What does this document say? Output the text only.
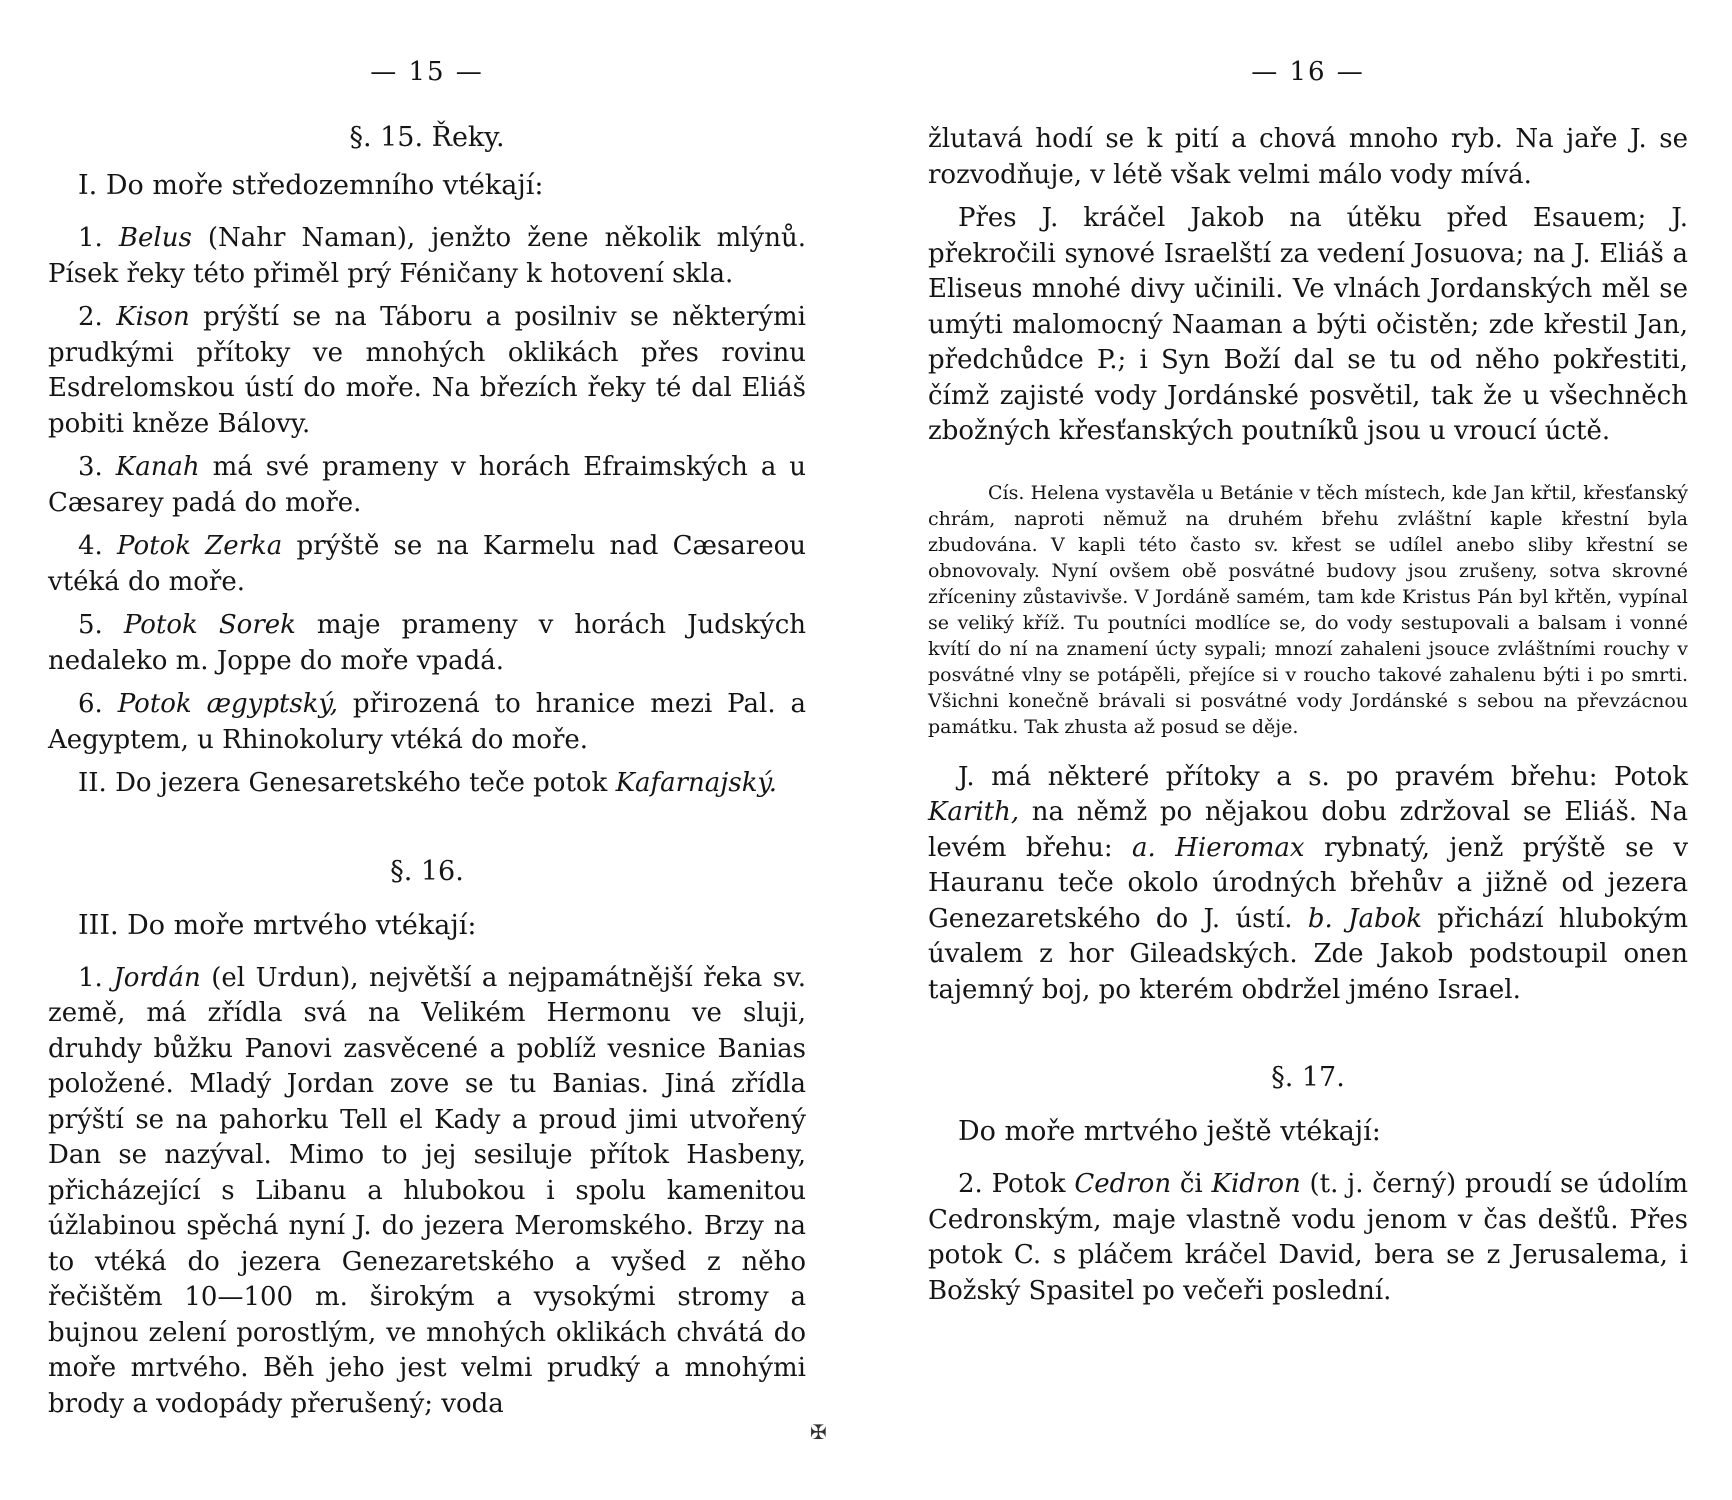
— 15 —
§. 15. Řeky.
I. Do moře středozemního vtékají:

1. Belus (Nahr Naman), jenžto žene několik mlýnů. Písek řeky této přiměl prý Féničany k hotovení skla.

2. Kison prýští se na Táboru a posilniv se některými prudkými přítoky ve mnohých oklikách přes rovinu Esdrelomskou ústí do moře. Na březích řeky té dal Eliáš pobiti kněze Bálovy.

3. Kanah má své prameny v horách Efraimských a u Cæsarey padá do moře.

4. Potok Zerka prýště se na Karmelu nad Cæsareou vtéká do moře.

5. Potok Sorek maje prameny v horách Judských nedaleko m. Joppe do moře vpadá.

6. Potok ægyptský, přirozená to hranice mezi Pal. a Aegyptem, u Rhinokolury vtéká do moře.

II. Do jezera Genesaretského teče potok Kafarnajský.

§. 16.
III. Do moře mrtvého vtékají:

1. Jordán (el Urdun), největší a nejpamátnější řeka sv. země, má zřídla svá na Velikém Hermonu ve sluji, druhdy bůžku Panovi zasvěcené a poblíž vesnice Banias položené. Mladý Jordan zove se tu Banias. Jiná zřídla prýští se na pahorku Tell el Kady a proud jimi utvořený Dan se nazýval. Mimo to jej sesiluje přítok Hasbeny, přicházející s Libanu a hlubokou i spolu kamenitou úžlabinou spěchá nyní J. do jezera Meromského. Brzy na to vtéká do jezera Genezaretského a vyšed z něho řečištěm 10—100 m. širokým a vysokými stromy a bujnou zelení porostlým, ve mnohých oklikách chvátá do moře mrtvého. Běh jeho jest velmi prudký a mnohými brody a vodopády přerušený; voda

✠
— 16 —

žlutavá hodí se k pití a chová mnoho ryb. Na jaře J. se rozvodňuje, v létě však velmi málo vody mívá.

Přes J. kráčel Jakob na útěku před Esauem; J. překročili synové Israelští za vedení Josuova; na J. Eliáš a Eliseus mnohé divy učinili. Ve vlnách Jordanských měl se umýti malomocný Naaman a býti očistěn; zde křestil Jan, předchůdce P.; i Syn Boží dal se tu od něho pokřestiti, čímž zajisté vody Jordánské posvětil, tak že u všechněch zbožných křesťanských poutníků jsou u vroucí úctě.

Cís. Helena vystavěla u Betánie v těch místech, kde Jan křtil, křesťanský chrám, naproti němuž na druhém břehu zvláštní kaple křestní byla zbudována. V kapli této často sv. křest se udílel anebo sliby křestní se obnovovaly. Nyní ovšem obě posvátné budovy jsou zrušeny, sotva skrovné zříceniny zůstavivše. V Jordáně samém, tam kde Kristus Pán byl křtěn, vypínal se veliký kříž. Tu poutníci modlíce se, do vody sestupovali a balsam i vonné kvítí do ní na znamení úcty sypali; mnozí zahaleni jsouce zvláštními rouchy v posvátné vlny se potápěli, přejíce si v roucho takové zahalenu býti i po smrti. Všichni konečně brávali si posvátné vody Jordánské s sebou na převzácnou památku. Tak zhusta až posud se děje.

J. má některé přítoky a s. po pravém břehu: Potok Karith, na němž po nějakou dobu zdržoval se Eliáš. Na levém břehu: a. Hieromax rybnatý, jenž prýště se v Hauranu teče okolo úrodných břehův a jižně od jezera Genezaretského do J. ústí. b. Jabok přichází hlubokým úvalem z hor Gileadských. Zde Jakob podstoupil onen tajemný boj, po kterém obdržel jméno Israel.

§. 17.
Do moře mrtvého ještě vtékají:

2. Potok Cedron či Kidron (t. j. černý) proudí se údolím Cedronským, maje vlastně vodu jenom v čas dešťů. Přes potok C. s pláčem kráčel David, bera se z Jerusalema, i Božský Spasitel po večeři poslední.
